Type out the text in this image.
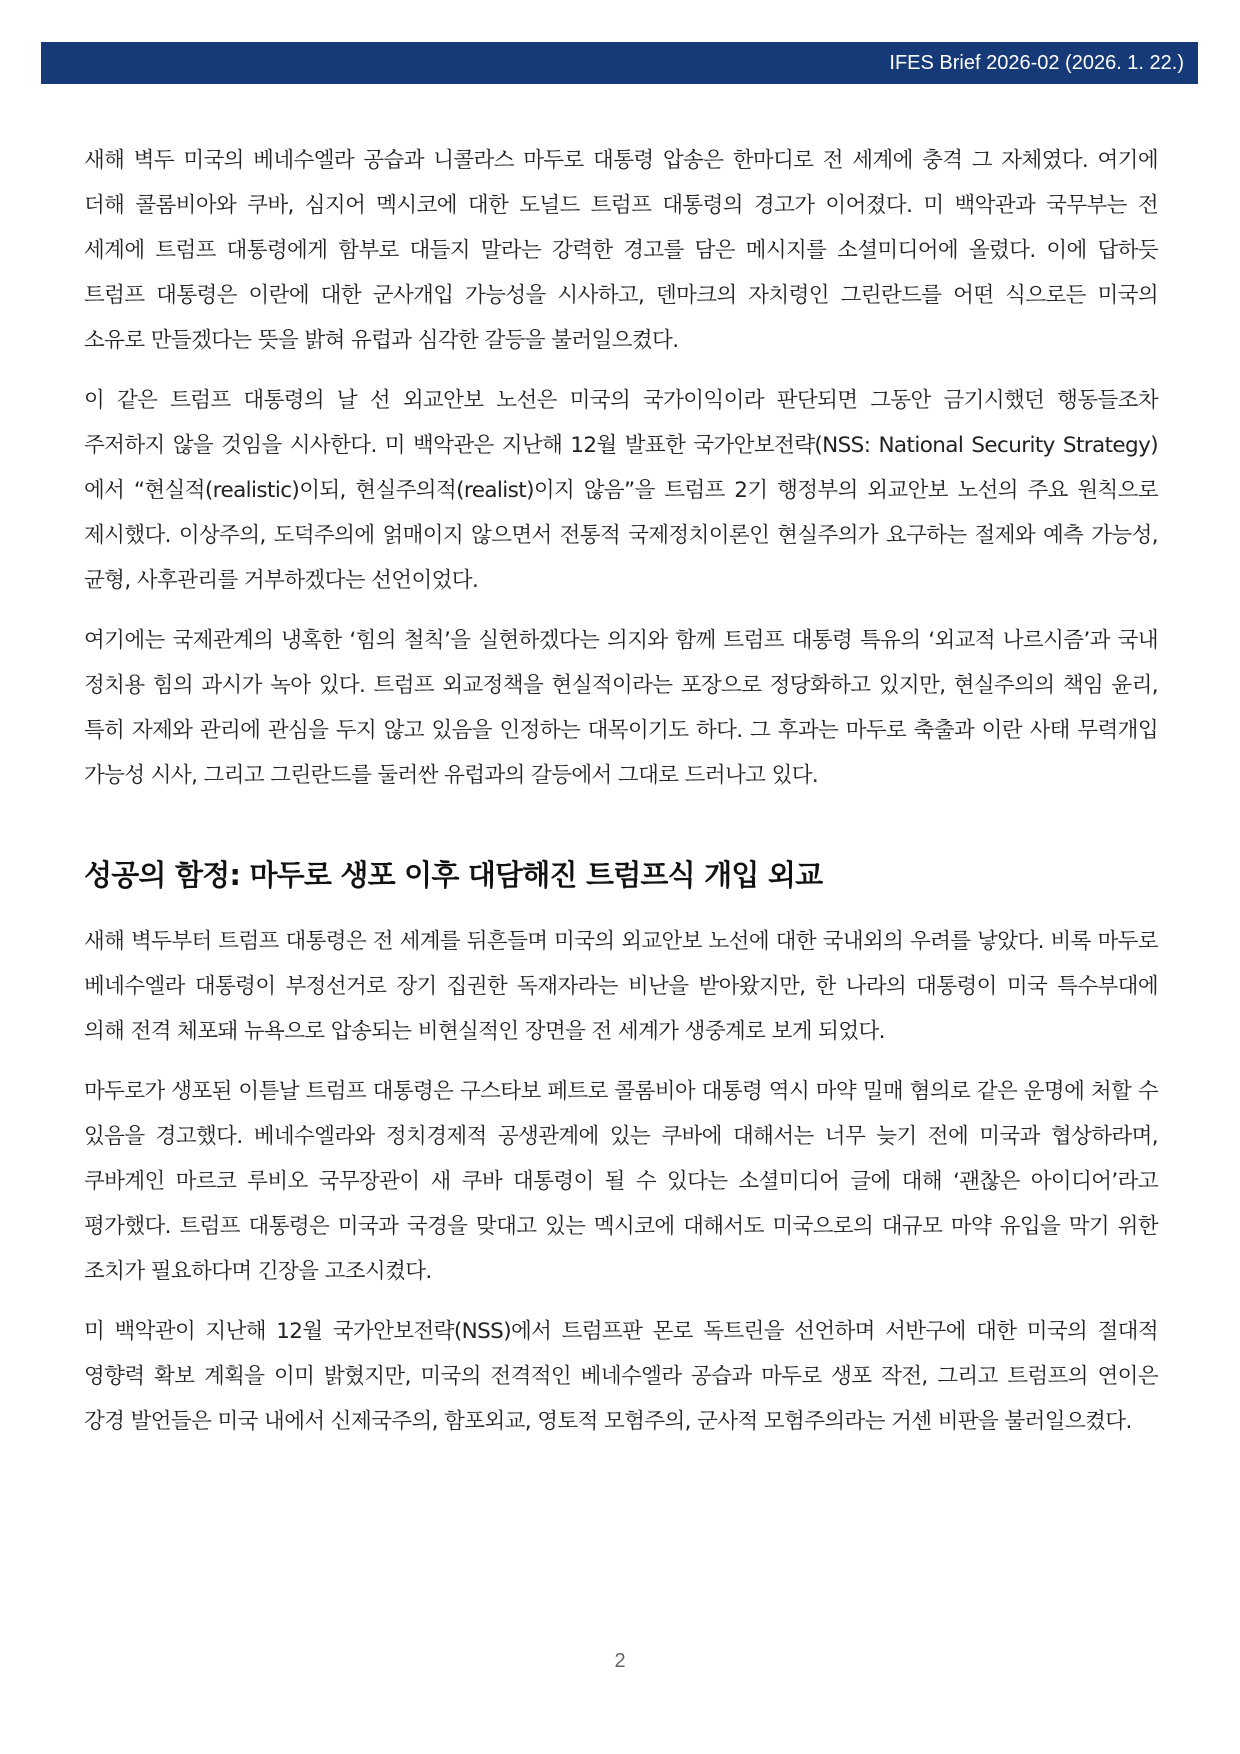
IFES Brief 2026-02 (2026. 1. 22.)

새해 벽두 미국의 베네수엘라 공습과 니콜라스 마두로 대통령 압송은 한마디로 전 세계에 충격 그 자체였다. 여기에 더해 콜롬비아와 쿠바, 심지어 멕시코에 대한 도널드 트럼프 대통령의 경고가 이어졌다. 미 백악관과 국무부는 전 세계에 트럼프 대통령에게 함부로 대들지 말라는 강력한 경고를 담은 메시지를 소셜미디어에 올렸다. 이에 답하듯 트럼프 대통령은 이란에 대한 군사개입 가능성을 시사하고, 덴마크의 자치령인 그린란드를 어떤 식으로든 미국의 소유로 만들겠다는 뜻을 밝혀 유럽과 심각한 갈등을 불러일으켰다.

이 같은 트럼프 대통령의 날 선 외교안보 노선은 미국의 국가이익이라 판단되면 그동안 금기시했던 행동들조차 주저하지 않을 것임을 시사한다. 미 백악관은 지난해 12월 발표한 국가안보전략(NSS: National Security Strategy)에서 “현실적(realistic)이되, 현실주의적(realist)이지 않음”을 트럼프 2기 행정부의 외교안보 노선의 주요 원칙으로 제시했다. 이상주의, 도덕주의에 얽매이지 않으면서 전통적 국제정치이론인 현실주의가 요구하는 절제와 예측 가능성, 균형, 사후관리를 거부하겠다는 선언이었다.

여기에는 국제관계의 냉혹한 ‘힘의 철칙’을 실현하겠다는 의지와 함께 트럼프 대통령 특유의 ‘외교적 나르시즘’과 국내 정치용 힘의 과시가 녹아 있다. 트럼프 외교정책을 현실적이라는 포장으로 정당화하고 있지만, 현실주의의 책임 윤리, 특히 자제와 관리에 관심을 두지 않고 있음을 인정하는 대목이기도 하다. 그 후과는 마두로 축출과 이란 사태 무력개입 가능성 시사, 그리고 그린란드를 둘러싼 유럽과의 갈등에서 그대로 드러나고 있다.

성공의 함정: 마두로 생포 이후 대담해진 트럼프식 개입 외교

새해 벽두부터 트럼프 대통령은 전 세계를 뒤흔들며 미국의 외교안보 노선에 대한 국내외의 우려를 낳았다. 비록 마두로 베네수엘라 대통령이 부정선거로 장기 집권한 독재자라는 비난을 받아왔지만, 한 나라의 대통령이 미국 특수부대에 의해 전격 체포돼 뉴욕으로 압송되는 비현실적인 장면을 전 세계가 생중계로 보게 되었다.

마두로가 생포된 이튿날 트럼프 대통령은 구스타보 페트로 콜롬비아 대통령 역시 마약 밀매 혐의로 같은 운명에 처할 수 있음을 경고했다. 베네수엘라와 정치경제적 공생관계에 있는 쿠바에 대해서는 너무 늦기 전에 미국과 협상하라며, 쿠바계인 마르코 루비오 국무장관이 새 쿠바 대통령이 될 수 있다는 소셜미디어 글에 대해 ‘괜찮은 아이디어’라고 평가했다. 트럼프 대통령은 미국과 국경을 맞대고 있는 멕시코에 대해서도 미국으로의 대규모 마약 유입을 막기 위한 조치가 필요하다며 긴장을 고조시켰다.

미 백악관이 지난해 12월 국가안보전략(NSS)에서 트럼프판 몬로 독트린을 선언하며 서반구에 대한 미국의 절대적 영향력 확보 계획을 이미 밝혔지만, 미국의 전격적인 베네수엘라 공습과 마두로 생포 작전, 그리고 트럼프의 연이은 강경 발언들은 미국 내에서 신제국주의, 함포외교, 영토적 모험주의, 군사적 모험주의라는 거센 비판을 불러일으켰다.

2
